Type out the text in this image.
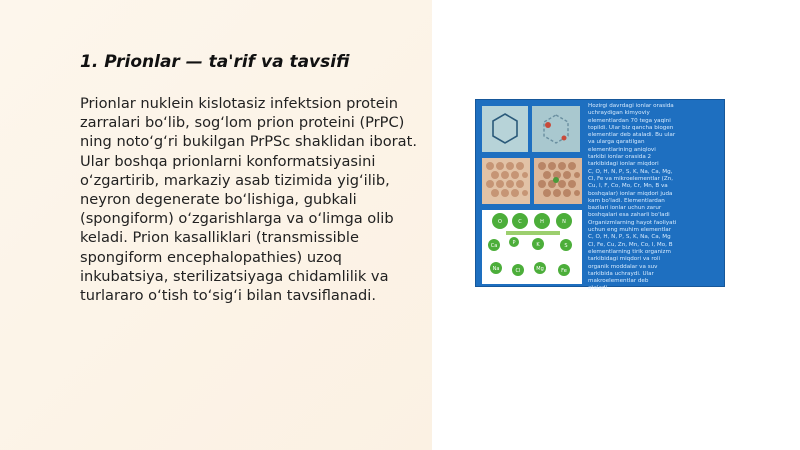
1. Prionlar — ta'rif va tavsifi

Prionlar nuklein kislotasiz infektsion protein zarralari bo‘lib, sog‘lom prion proteini (PrPC) ning noto‘g‘ri bukilgan PrPSc shaklidan iborat. Ular boshqa prionlarni konformatsiyasini o‘zgartirib, markaziy asab tizimida yig‘ilib, neyron degenerate bo‘lishiga, gubkali (spongiform) o‘zgarishlarga va o‘limga olib keladi. Prion kasalliklari (transmissible spongiform encephalopathies) uzoq inkubatsiya, sterilizatsiyaga chidamlilik va turlararo o‘tish to‘sig‘i bilan tavsiflanadi.

O	C	H	N
Ca	P	K	S
Na	Cl	Mg	Fe
Hozirgi davrdagi ionlar orasida
uchraydigan kimyoviy
elementlardan 70 tega yaqini
topildi. Ular biz qancha biogen
elementlar deb ataladi. Bu ular
va ularga qaratilgan
elementlarining aniqlovi
tarkibi ionlar orasida 2
tarkibidagi ionlar miqdori
C, O, H, N, P, S, K, Na, Ca, Mg,
Cl, Fe va mikroelementlar (Zn,
Cu, I, F, Co, Mo, Cr, Mn, B va
boshqalar) ionlar miqdori juda
kam bo'ladi. Elementlardan
bazilari ionlar uchun zarur
boshqalari esa zaharli bo'ladi
Organizmlarning hayot faoliyati
uchun eng muhim elementlar
C, O, H, N, P, S, K, Na, Ca, Mg
Cl, Fe, Cu, Zn, Mn, Co, I, Mo, B
elementlarning tirik organizm
tarkibidagi miqdori va roli
organik moddalar va suv
tarkibida uchraydi. Ular
makroelementlar deb
ataladi.
